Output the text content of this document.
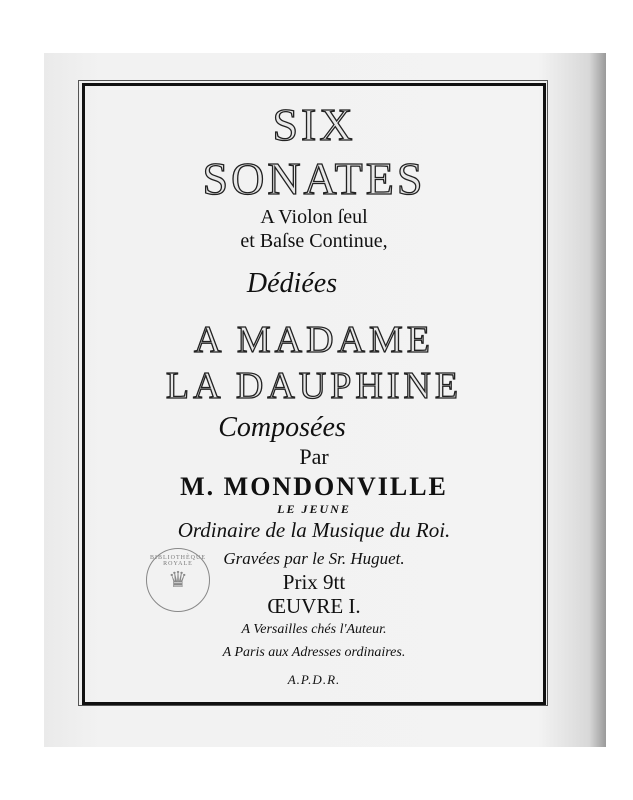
SIX
SONATES
A Violon ſeul
et Baſse Continue,
Dédiées
A MADAME
LA DAUPHINE
Composées
Par
M. MONDONVILLE
LE JEUNE
Ordinaire de la Musique du Roi.
Gravées par le Sr. Huguet.
Prix 9tt
ŒUVRE I.
A Versailles chés l'Auteur.
A Paris aux Adresses ordinaires.
A.P.D.R.
BIBLIOTHÈQUE ROYALE
♛
